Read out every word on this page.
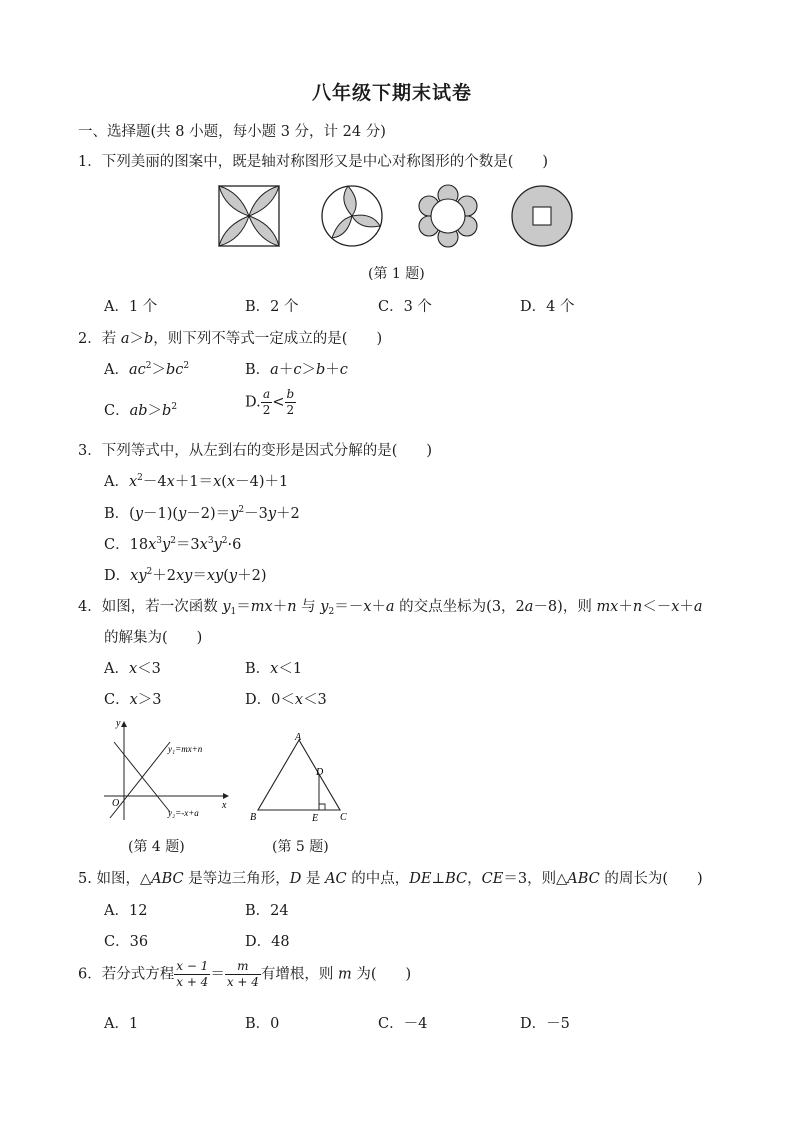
八年级下期末试卷
一、选择题(共 8 小题，每小题 3 分，计 24 分)
1．下列美丽的图案中，既是轴对称图形又是中心对称图形的个数是(　　)
(第 1 题)
A．1 个	B．2 个	C．3 个	D．4 个
2．若 a＞b，则下列不等式一定成立的是(　　)
A．$ac^2>bc^2$	B．a＋c＞b＋c
C．$ab>b^2$	D. $\frac{a}{2} < \frac{b}{2}$
3．下列等式中，从左到右的变形是因式分解的是(　　)
A．$x^2-4x+1=x(x-4)+1$
B．$(y-1)(y-2)=y^2-3y+2$
C．$18x^3y^2=3x^3y^2\cdot 6$
D．$xy^2+2xy=xy(y+2)$
4．如图，若一次函数 $y_1=mx+n$ 与 $y_2=-x+a$ 的交点坐标为(3，2a－8)，则 mx＋n＜－x＋a
的解集为(　　)
A．x＜3	B．x＜1
C．x＞3	D．0＜x＜3
y
x
O
y₁=mx+n
y₂=-x+a
A
B	C
D
E
(第 4 题)	(第 5 题)
5. 如图，△ABC 是等边三角形，D 是 AC 的中点，DE⊥BC，CE＝3，则△ABC 的周长为(　　)
A．12	B．24
C．36	D．48
6．若分式方程 $\frac{x - 1}{x + 4} = \frac{m}{x + 4}$ 有增根，则 m 为(　　)
A．1	B．0	C．－4	D．－5
